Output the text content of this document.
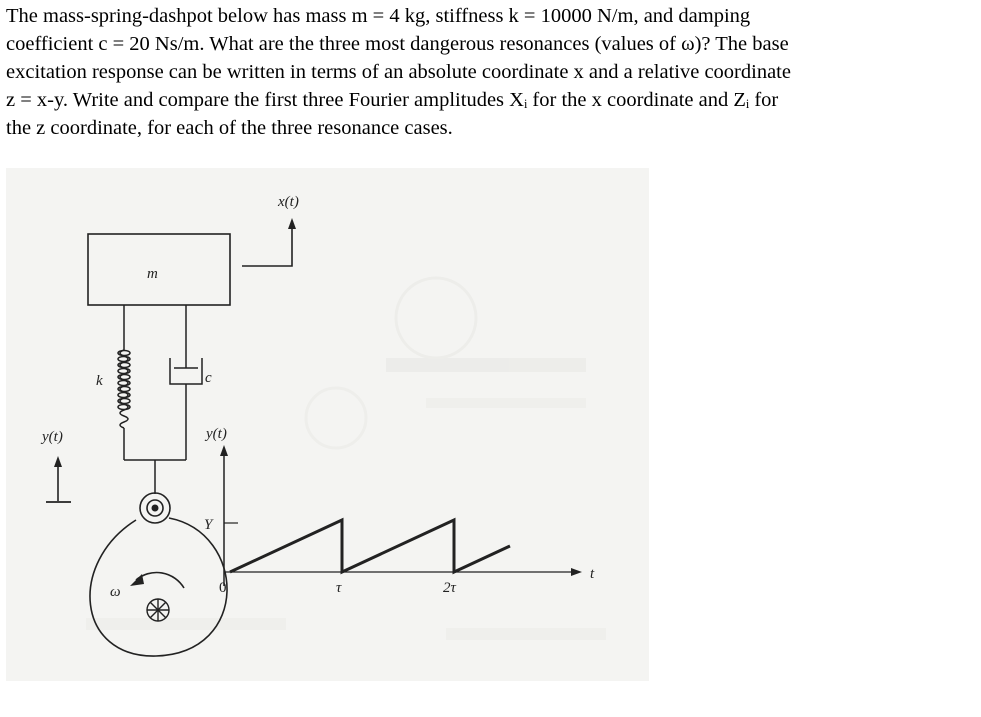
The mass-spring-dashpot below has mass m = 4 kg, stiffness k = 10000 N/m, and damping

coefficient c = 20 Ns/m. What are the three most dangerous resonances (values of ω)? The base

excitation response can be written in terms of an absolute coordinate x and a relative coordinate

z = x-y. Write and compare the first three Fourier amplitudes Xᵢ for the x coordinate and Zᵢ for

the z coordinate, for each of the three resonance cases.

x(t)
m
k	c
ω
y(t)	y(t)
Y
0	τ	2τ
t
